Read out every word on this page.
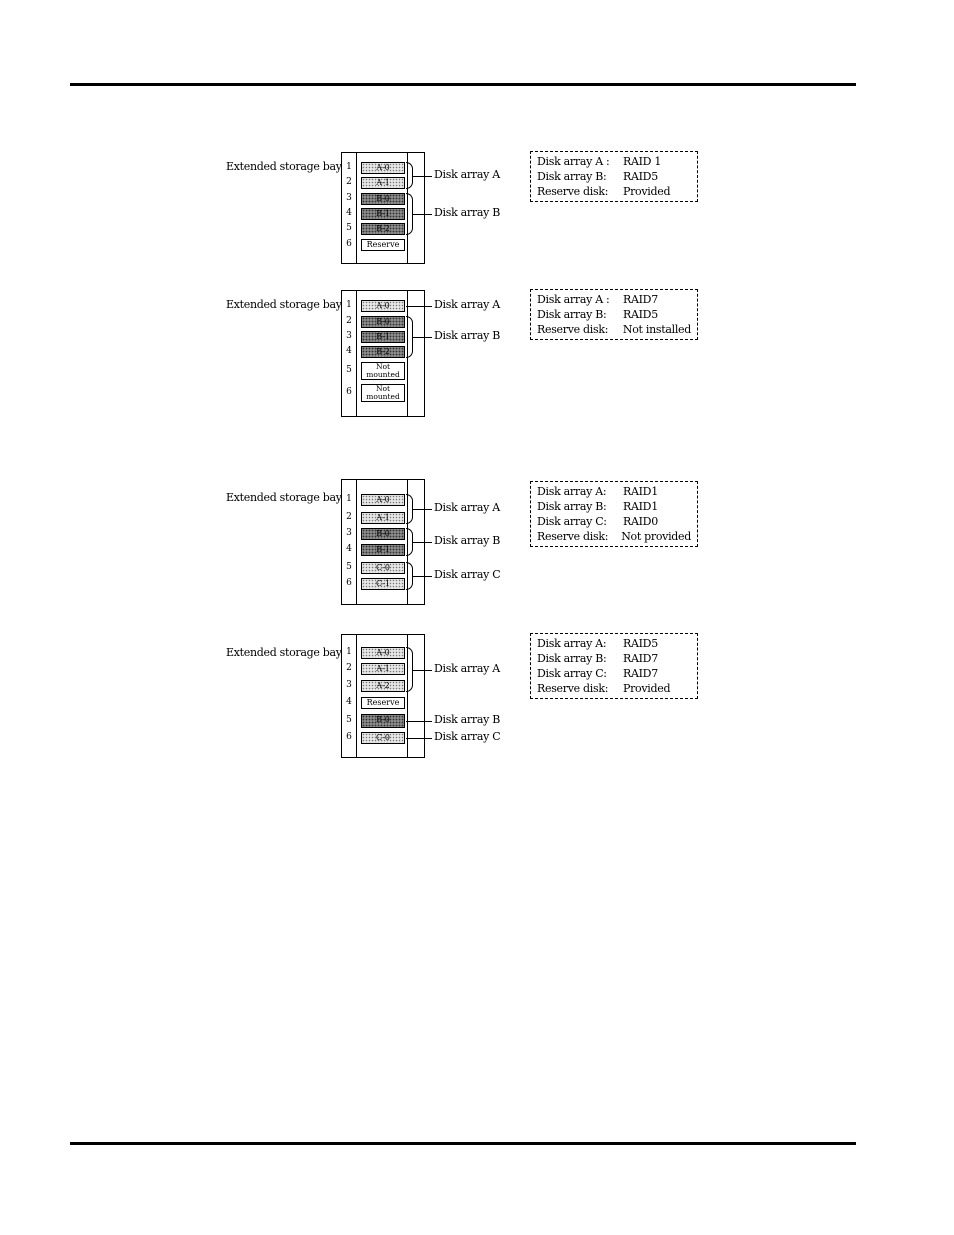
Extended storage bay 1	A-0
2	A-1
3	B-0
4	B-1
5	B-2
6	Reserve
Disk array A
Disk array B
Disk array A :	RAID 1
Disk array B:	RAID5
Reserve disk:	Provided
Extended storage bay 1	A-0
2	B-0
3	B-1
4	B-2
5	Not mounted
6	Not mounted
Disk array A
Disk array B
Disk array A :	RAID7
Disk array B:	RAID5
Reserve disk:	Not installed
Extended storage bay 1	A-0
2	A-1
3	B-0
4	B-1
5	C-0
6	C-1
Disk array A
Disk array B
Disk array C
Disk array A:	RAID1
Disk array B:	RAID1
Disk array C:	RAID0
Reserve disk:	Not provided
Extended storage bay 1	A-0
2	A-1
3	A-2
4	Reserve
5	B-0
6	C-0
Disk array A
Disk array B
Disk array C
Disk array A:	RAID5
Disk array B:	RAID7
Disk array C:	RAID7
Reserve disk:	Provided
